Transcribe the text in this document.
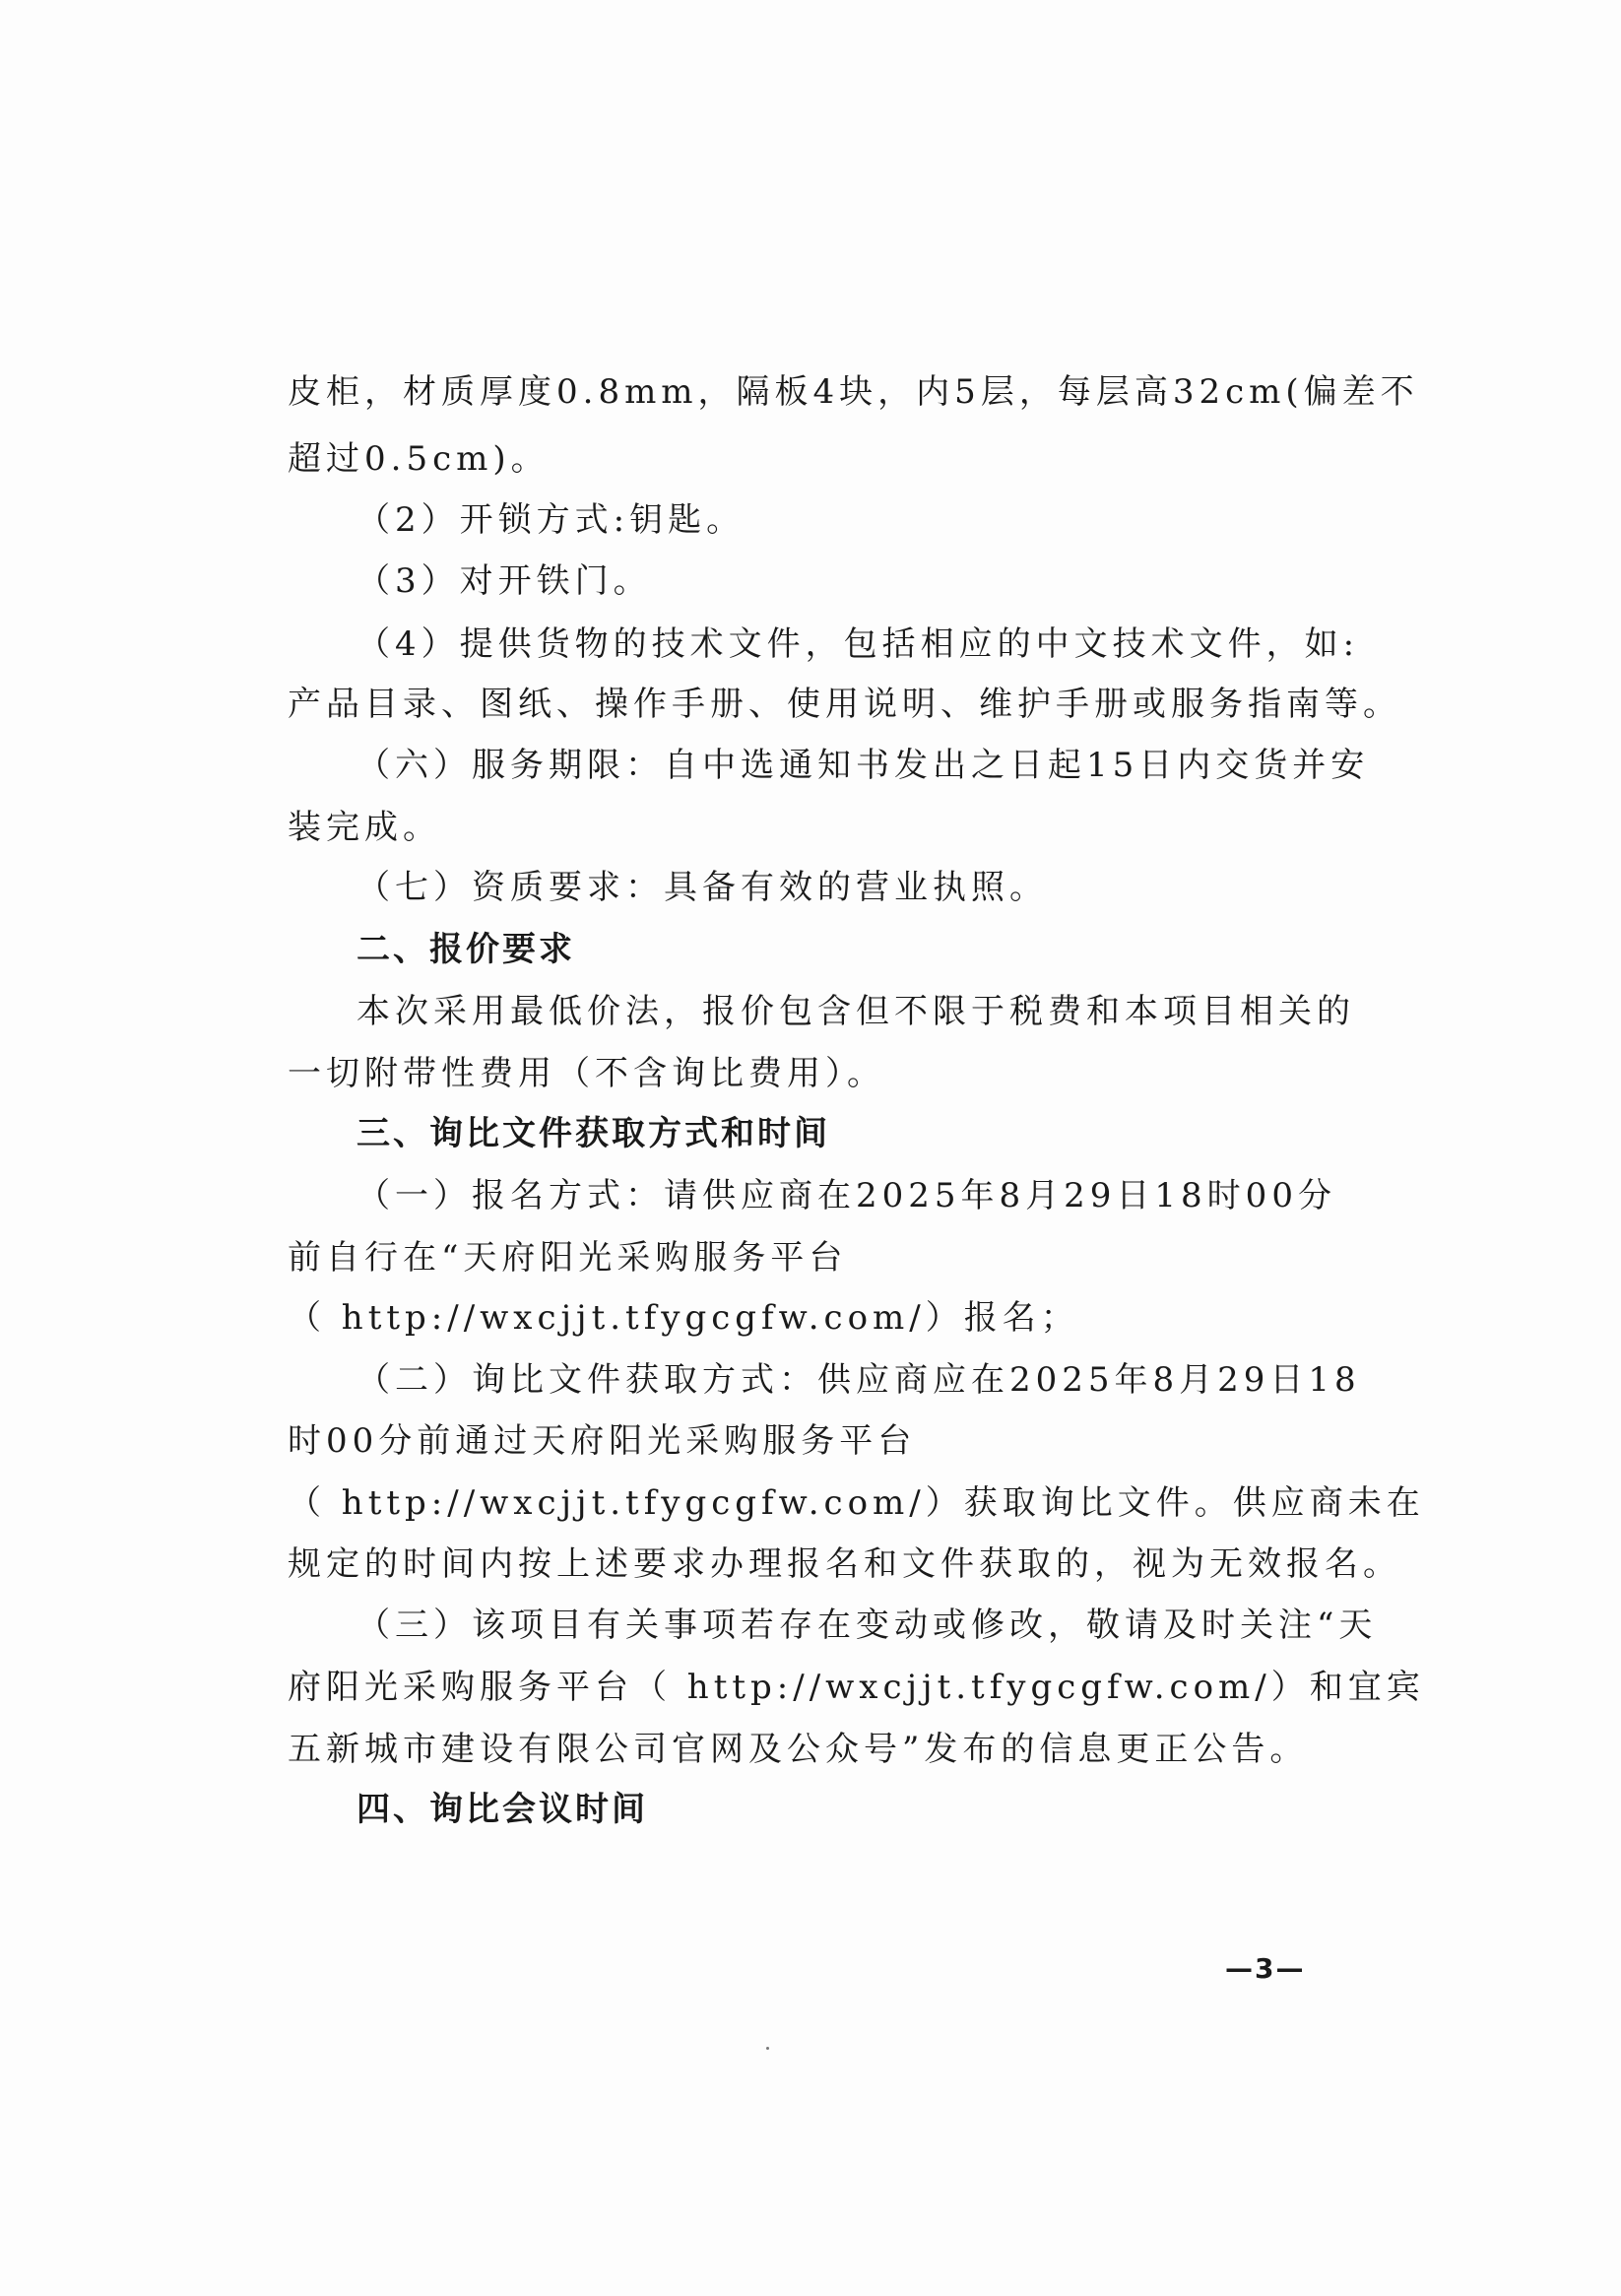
皮柜，材质厚度0.8mm，隔板4块，内5层，每层高32cm(偏差不
超过0.5cm)。
（2）开锁方式:钥匙。
（3）对开铁门。
（4）提供货物的技术文件，包括相应的中文技术文件，如:
产品目录、图纸、操作手册、使用说明、维护手册或服务指南等。
（六）服务期限：自中选通知书发出之日起15日内交货并安
装完成。
（七）资质要求：具备有效的营业执照。
二、报价要求
本次采用最低价法，报价包含但不限于税费和本项目相关的
一切附带性费用（不含询比费用）。
三、询比文件获取方式和时间
（一）报名方式：请供应商在2025年8月29日18时00分
前自行在“天府阳光采购服务平台
（ http://wxcjjt.tfygcgfw.com/）报名；
（二）询比文件获取方式：供应商应在2025年8月29日18
时00分前通过天府阳光采购服务平台
（ http://wxcjjt.tfygcgfw.com/）获取询比文件。供应商未在
规定的时间内按上述要求办理报名和文件获取的，视为无效报名。
（三）该项目有关事项若存在变动或修改，敬请及时关注“天
府阳光采购服务平台（ http://wxcjjt.tfygcgfw.com/）和宜宾
五新城市建设有限公司官网及公众号”发布的信息更正公告。
四、询比会议时间
—3—
